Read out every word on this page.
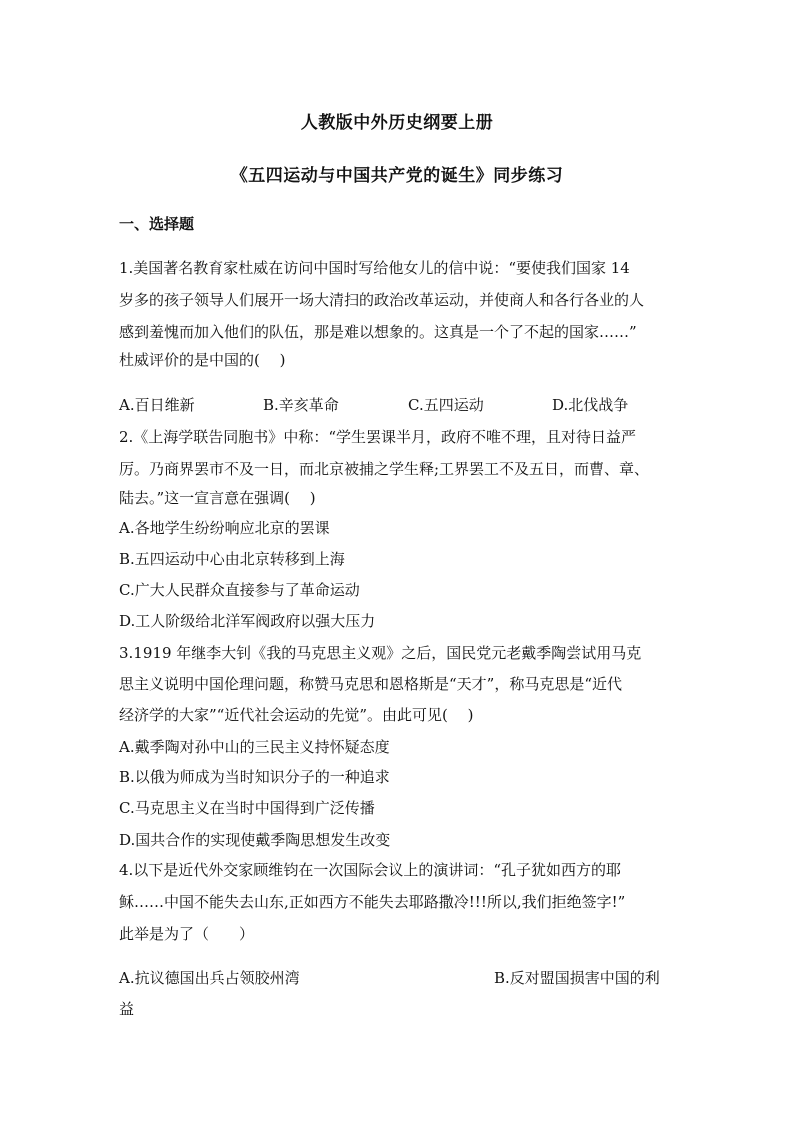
人教版中外历史纲要上册
《五四运动与中国共产党的诞生》同步练习
一、选择题
1.美国著名教育家杜威在访问中国时写给他女儿的信中说：“要使我们国家 14
岁多的孩子领导人们展开一场大清扫的政治改革运动，并使商人和各行各业的人
感到羞愧而加入他们的队伍，那是难以想象的。这真是一个了不起的国家……”
杜威评价的是中国的(　 )
A.百日维新	B.辛亥革命	C.五四运动	D.北伐战争
2.《上海学联告同胞书》中称：“学生罢课半月，政府不唯不理，且对待日益严
厉。乃商界罢市不及一日，而北京被捕之学生释;工界罢工不及五日，而曹、章、
陆去。”这一宣言意在强调(　 )
A.各地学生纷纷响应北京的罢课
B.五四运动中心由北京转移到上海
C.广大人民群众直接参与了革命运动
D.工人阶级给北洋军阀政府以强大压力
3.1919 年继李大钊《我的马克思主义观》之后，国民党元老戴季陶尝试用马克
思主义说明中国伦理问题，称赞马克思和恩格斯是“天才”，称马克思是“近代
经济学的大家”“近代社会运动的先觉”。由此可见(　 )
A.戴季陶对孙中山的三民主义持怀疑态度
B.以俄为师成为当时知识分子的一种追求
C.马克思主义在当时中国得到广泛传播
D.国共合作的实现使戴季陶思想发生改变
4.以下是近代外交家顾维钧在一次国际会议上的演讲词：“孔子犹如西方的耶
稣……中国不能失去山东,正如西方不能失去耶路撒冷!!!所以,我们拒绝签字!”
此举是为了（　　）
A.抗议德国出兵占领胶州湾	B.反对盟国损害中国的利
益
